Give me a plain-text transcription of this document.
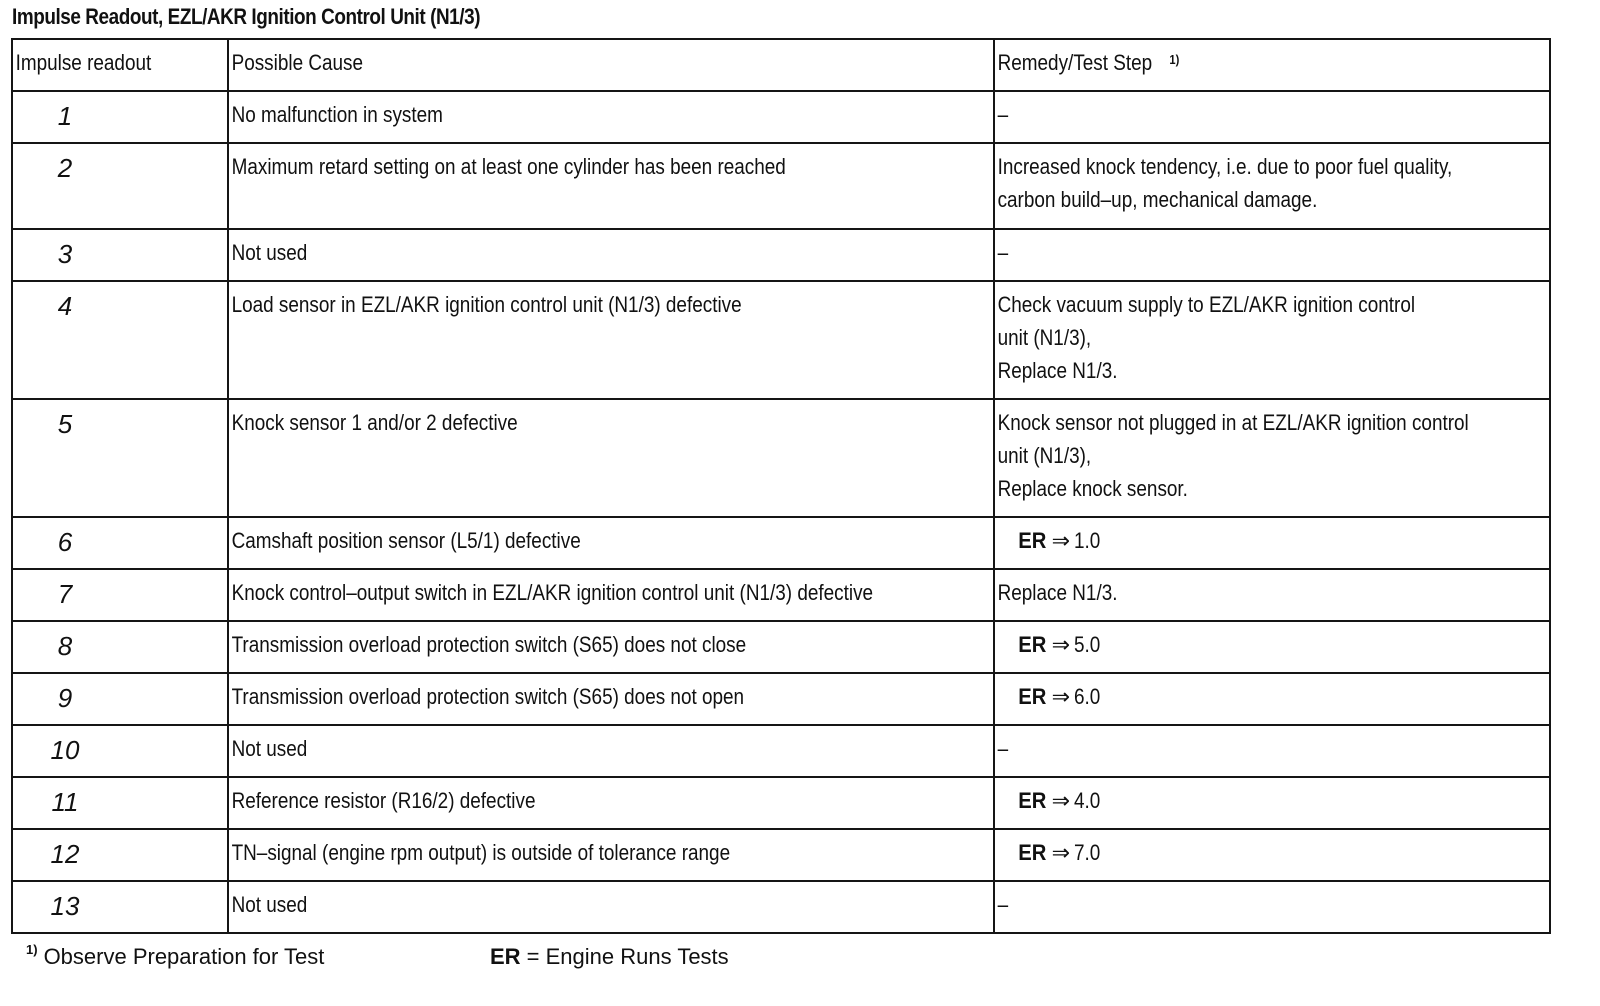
Impulse Readout, EZL/AKR Ignition Control Unit (N1/3)
Impulse readout	Possible Cause	Remedy/Test Step $^{1)}$

1	No malfunction in system	–

2	Maximum retard setting on at least one cylinder has been reached	Increased knock tendency, i.e. due to poor fuel quality,
carbon build–up, mechanical damage.

3	Not used	–

4	Load sensor in EZL/AKR ignition control unit (N1/3) defective	Check vacuum supply to EZL/AKR ignition control
unit (N1/3),
Replace N1/3.

5	Knock sensor 1 and/or 2 defective	Knock sensor not plugged in at EZL/AKR ignition control
unit (N1/3),
Replace knock sensor.

6	Camshaft position sensor (L5/1) defective	ER ⇒ 1.0

7	Knock control–output switch in EZL/AKR ignition control unit (N1/3) defective	Replace N1/3.

8	Transmission overload protection switch (S65) does not close	ER ⇒ 5.0

9	Transmission overload protection switch (S65) does not open	ER ⇒ 6.0

10	Not used	–

11	Reference resistor (R16/2) defective	ER ⇒ 4.0

12	TN–signal (engine rpm output) is outside of tolerance range	ER ⇒ 7.0

13	Not used	–
$^{1)}$ Observe Preparation for Test	ER = Engine Runs Tests
